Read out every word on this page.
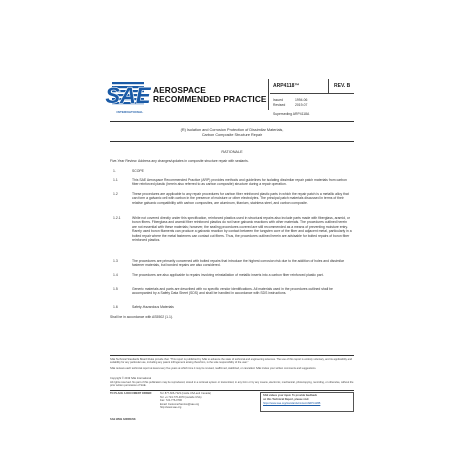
SAE
INTERNATIONAL
AEROSPACE
RECOMMENDED PRACTICE
ARP4118™	REV. B
Issued	1994-06
Revised	2019-07
Superseding ARP4118A
(R) Isolation and Corrosion Protection of Dissimilar Materials,
Carbon Composite Structure Repair
RATIONALE
Five-Year Review. Address any changes/updates in composite structure repair with sealants.
1.	SCOPE
1.1	This SAE Aerospace Recommended Practice (ARP) provides methods and guidelines for isolating dissimilar repair patch materials from carbon fiber reinforced plastic (herein also referred to as carbon composite) structure during a repair operation.
1.2	These procedures are applicable to any repair procedures for carbon fiber reinforced plastic parts in which the repair patch is a metallic alloy that can form a galvanic cell with carbon in the presence of moisture or other electrolytes. The principal patch materials discussed in terms of their relative galvanic compatibility with carbon composites, are aluminum, titanium, stainless steel, and carbon composite.
1.2.1	While not covered directly under this specification, reinforced plastics used in structural repairs also include parts made with fiberglass, aramid, or boron fibers. Fiberglass and aramid fiber reinforced plastics do not have galvanic reactions with other materials. The procedures outlined herein are not essential with these materials; however, the sealing procedures covered are still recommended as a means of preventing moisture entry. Rarely used boron filaments can produce a galvanic reaction by contact between the tungsten core of the fiber and adjacent metal, particularly in a bolted repair where the metal fasteners can contact cut fibers. Thus, the procedures outlined herein are advisable for bolted repairs of boron fiber reinforced plastics.
1.3	The procedures are primarily concerned with bolted repairs that introduce the highest corrosion risk due to the addition of holes and dissimilar fastener materials, but bonded repairs are also considered.
1.4	The procedures are also applicable to repairs involving reinstallation of metallic inserts into a carbon fiber reinforced plastic part.
1.5	Generic materials and parts are described with no specific vendor identifications. All materials used in the procedures outlined shall be accompanied by a Safety Data Sheet (SDS) and shall be handled in accordance with SDS instructions.
1.6	Safety-Hazardous Materials
Shall be in accordance with AS5502 (1.1).
SAE Technical Standards Board Rules provide that: "This report is published by SAE to advance the state of technical and engineering sciences. The use of this report is entirely voluntary, and its applicability and suitability for any particular use, including any patent infringement arising therefrom, is the sole responsibility of the user."
SAE reviews each technical report at least every five years at which time it may be revised, reaffirmed, stabilized, or cancelled. SAE invites your written comments and suggestions.
Copyright © 2019 SAE International
All rights reserved. No part of this publication may be reproduced, stored in a retrieval system or transmitted, in any form or by any means, electronic, mechanical, photocopying, recording, or otherwise, without the prior written permission of SAE.
TO PLACE A DOCUMENT ORDER:	Tel: 877-606-7323 (inside USA and Canada)
Tel: +1 724-776-4970 (outside USA)
Fax: 724-776-0790
Email: CustomerService@sae.org
http://www.sae.org
SAE values your input. To provide feedback
on this Technical Report, please visit
https://www.sae.org/standards/content/ARP4118B
SAE WEB ADDRESS:
